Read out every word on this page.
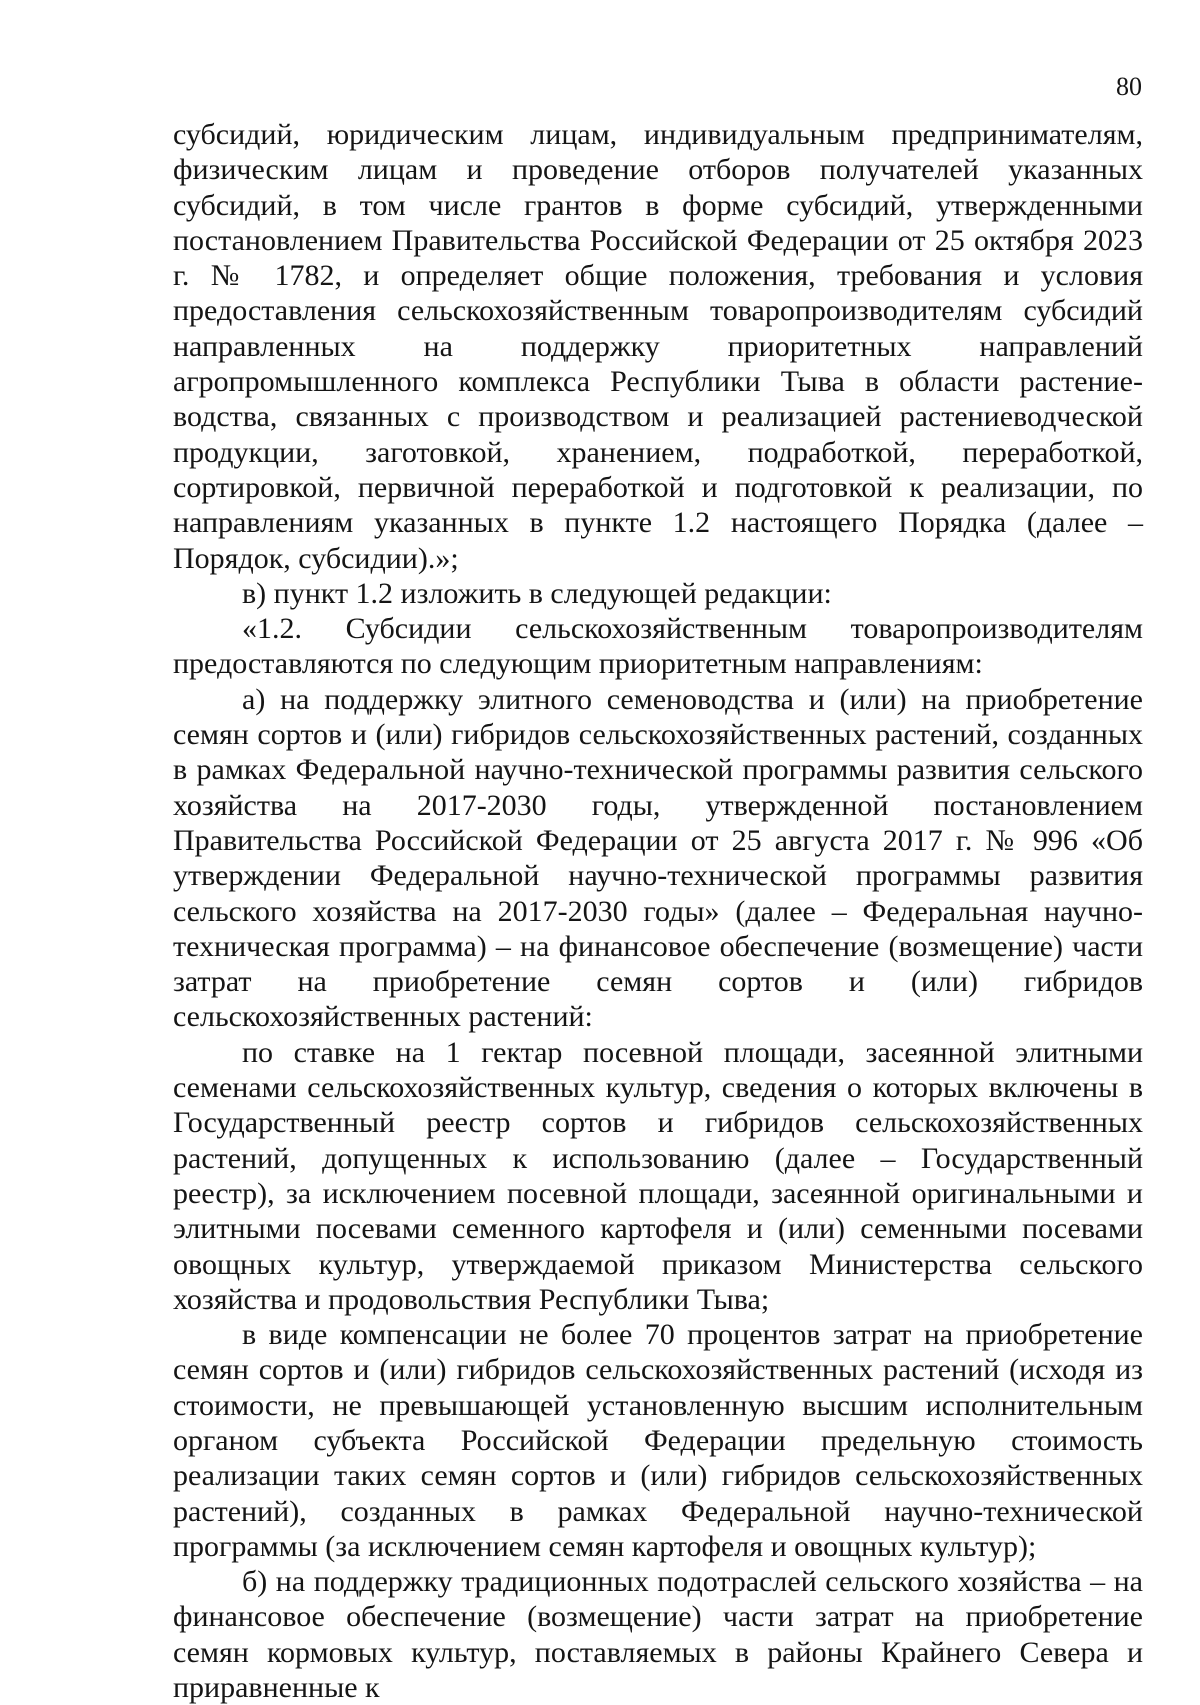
80

субсидий, юридическим лицам, индивидуальным предпринимателям, физическим лицам и проведение отборов получателей указанных субсидий, в том числе грантов в форме субсидий, утвержденными постановлением Правительства Российской Федерации от 25 октября 2023 г. № 1782, и определяет общие положения, требования и условия предоставления сельскохозяйственным товаропроизводителям субсидий направленных на поддержку приоритетных направлений агропромышленного комплекса Республики Тыва в области растениеводства, связанных с производством и реализацией растениеводческой продукции, заготовкой, хранением, подработкой, переработкой, сортировкой, первичной переработкой и подготовкой к реализации, по направлениям указанных в пункте 1.2 настоящего Порядка (далее – Порядок, субсидии).»;

в) пункт 1.2 изложить в следующей редакции:

«1.2. Субсидии сельскохозяйственным товаропроизводителям предоставляются по следующим приоритетным направлениям:

а) на поддержку элитного семеноводства и (или) на приобретение семян сортов и (или) гибридов сельскохозяйственных растений, созданных в рамках Федеральной научно-технической программы развития сельского хозяйства на 2017-2030 годы, утвержденной постановлением Правительства Российской Федерации от 25 августа 2017 г. № 996 «Об утверждении Федеральной научно-технической программы развития сельского хозяйства на 2017-2030 годы» (далее – Федеральная научно-техническая программа) – на финансовое обеспечение (возмещение) части затрат на приобретение семян сортов и (или) гибридов сельскохозяйственных растений:

по ставке на 1 гектар посевной площади, засеянной элитными семенами сельскохозяйственных культур, сведения о которых включены в Государственный реестр сортов и гибридов сельскохозяйственных растений, допущенных к использованию (далее – Государственный реестр), за исключением посевной площади, засеянной оригинальными и элитными посевами семенного картофеля и (или) семенными посевами овощных культур, утверждаемой приказом Министерства сельского хозяйства и продовольствия Республики Тыва;

в виде компенсации не более 70 процентов затрат на приобретение семян сортов и (или) гибридов сельскохозяйственных растений (исходя из стоимости, не превышающей установленную высшим исполнительным органом субъекта Российской Федерации предельную стоимость реализации таких семян сортов и (или) гибридов сельскохозяйственных растений), созданных в рамках Федеральной научно-технической программы (за исключением семян картофеля и овощных культур);

б) на поддержку традиционных подотраслей сельского хозяйства – на финансовое обеспечение (возмещение) части затрат на приобретение семян кормовых культур, поставляемых в районы Крайнего Севера и приравненные к
